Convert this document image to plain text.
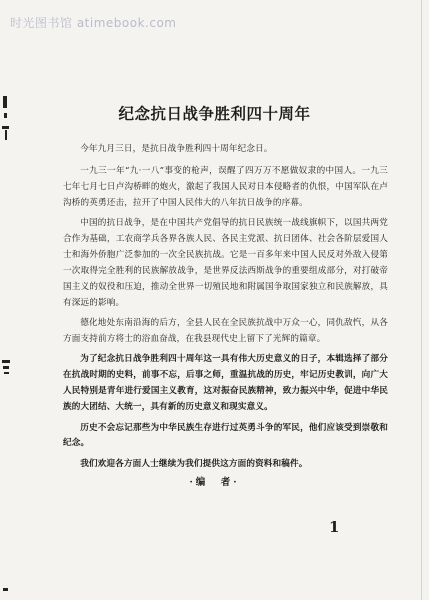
时光图书馆 atimebook.com
纪念抗日战争胜利四十周年

今年九月三日，是抗日战争胜利四十周年纪念日。

一九三一年“九·一八”事变的枪声，误醒了四万万不愿做奴隶的中国人。一九三七年七月七日卢沟桥畔的炮火，激起了我国人民对日本侵略者的仇恨，中国军队在卢沟桥的英勇还击，拉开了中国人民伟大的八年抗日战争的序幕。

中国的抗日战争，是在中国共产党倡导的抗日民族统一战线旗帜下，以国共两党合作为基础，工农商学兵各界各族人民、各民主党派、抗日团体、社会各阶层爱国人士和海外侨胞广泛参加的一次全民族抗战。它是一百多年来中国人民反对外敌入侵第一次取得完全胜利的民族解放战争，是世界反法西斯战争的重要组成部分，对打破帝国主义的奴役和压迫，推动全世界一切殖民地和附属国争取国家独立和民族解放，具有深远的影响。

德化地处东南沿海的后方，全县人民在全民族抗战中万众一心，同仇敌忾，从各方面支持前方将士的浴血奋战，在我县现代史上留下了光辉的篇章。

为了纪念抗日战争胜利四十周年这一具有伟大历史意义的日子，本辑选择了部分在抗战时期的史料，前事不忘，后事之师，重温抗战的历史，牢记历史教训，向广大人民特别是青年进行爱国主义教育，这对振奋民族精神，致力振兴中华，促进中华民族的大团结、大统一，具有新的历史意义和现实意义。

历史不会忘记那些为中华民族生存进行过英勇斗争的军民，他们应该受到崇敬和纪念。

我们欢迎各方面人士继续为我们提供这方面的资料和稿件。

·编　者·
1
